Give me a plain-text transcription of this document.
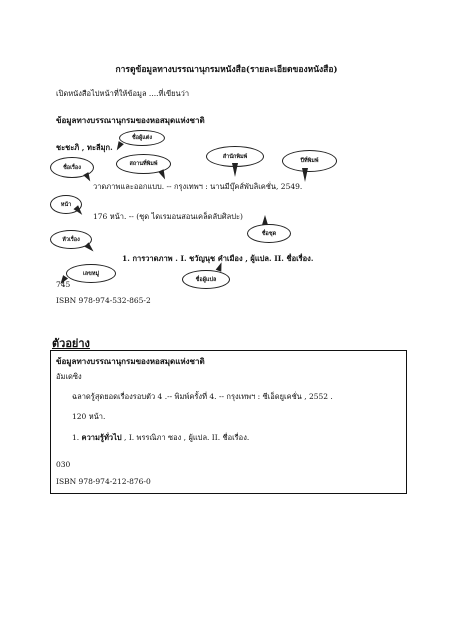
การดูข้อมูลทางบรรณานุกรมหนังสือ(รายละเอียดของหนังสือ)
เปิดหนังสือไปหน้าที่ให้ข้อมูล ....ที่เขียนว่า
ข้อมูลทางบรรณานุกรมของหอสมุดแห่งชาติ
ชื่อผู้แต่ง
ชะชะภิ , ทะลีมุก.
ชื่อเรื่อง
สถานที่พิมพ์
สำนักพิมพ์
ปีที่พิมพ์
วาดภาพและออกแบบ. -- กรุงเทพฯ : นานมีบุ๊คส์พับลิเคชั่น, 2549.
หน้า
176 หน้า. -- (ชุด ไดเรมอนสอนเคล็ดลับศิลปะ)
ชื่อชุด
หัวเรื่อง
1. การวาดภาพ . I. ชวัญนุช คำเมือง , ผู้แปล. II. ชื่อเรื่อง.
เลขหมู่
ชื่อผู้แปล
745
ISBN 978-974-532-865-2
ตัวอย่าง
ข้อมูลทางบรรณานุกรมของหอสมุดแห่งชาติ
อัมเดซิง
ฉลาดรู้สุดยอดเรื่องรอบตัว 4 .-- พิมพ์ครั้งที่ 4. -- กรุงเทพฯ : ซีเอ็ดยูเคชั่น , 2552 .
120 หน้า.
1. ความรู้ทั่วไป , I. พรรณิภา ซอง , ผู้แปล. II. ชื่อเรื่อง.
030
ISBN 978-974-212-876-0
